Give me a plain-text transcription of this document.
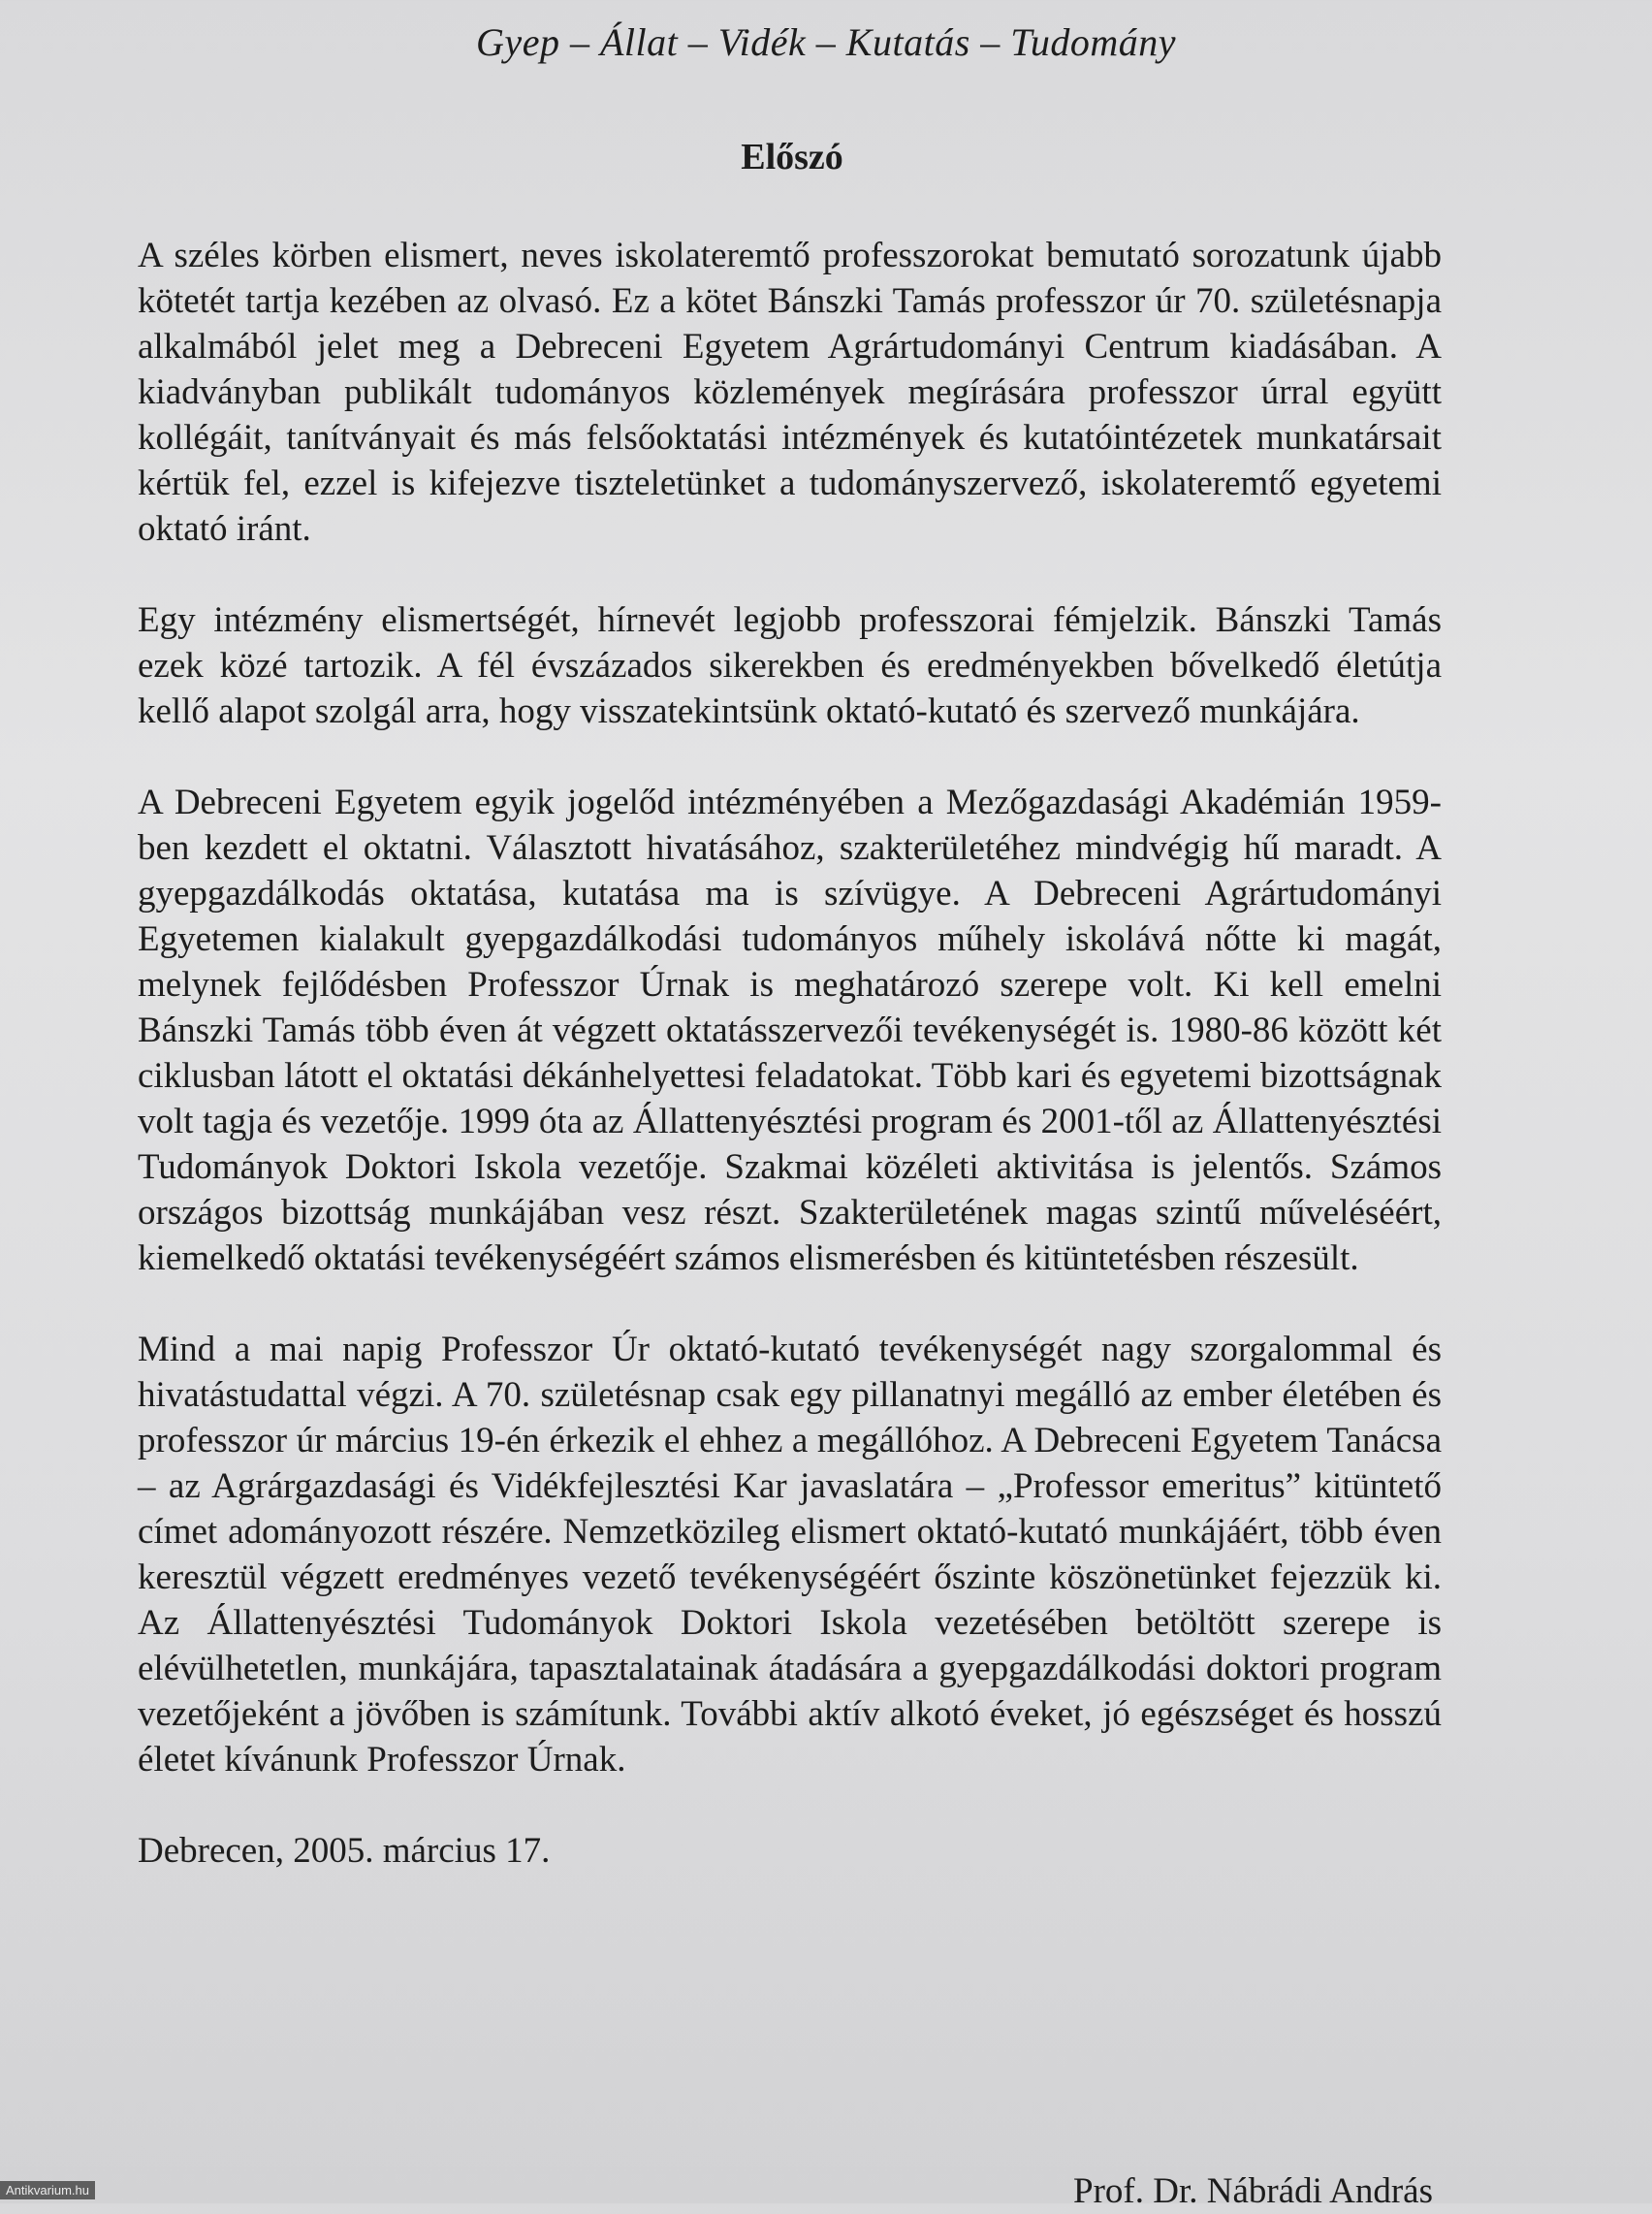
Gyep – Állat – Vidék – Kutatás – Tudomány
Előszó

A széles körben elismert, neves iskolateremtő professzorokat bemutató sorozatunk újabb kötetét tartja kezében az olvasó. Ez a kötet Bánszki Tamás professzor úr 70. születésnapja alkalmából jelet meg a Debreceni Egyetem Agrártudományi Centrum kiadásában. A kiadványban publikált tudományos közlemények megírására professzor úrral együtt kollégáit, tanítványait és más felsőoktatási intézmények és kutatóintézetek munkatársait kértük fel, ezzel is kifejezve tiszteletünket a tudományszervező, iskolateremtő egyetemi oktató iránt.

Egy intézmény elismertségét, hírnevét legjobb professzorai fémjelzik. Bánszki Tamás ezek közé tartozik. A fél évszázados sikerekben és eredményekben bővelkedő életútja kellő alapot szolgál arra, hogy visszatekintsünk oktató-kutató és szervező munkájára.

A Debreceni Egyetem egyik jogelőd intézményében a Mezőgazdasági Akadémián 1959-ben kezdett el oktatni. Választott hivatásához, szakterületéhez mindvégig hű maradt. A gyepgazdálkodás oktatása, kutatása ma is szívügye. A Debreceni Agrártudományi Egyetemen kialakult gyepgazdálkodási tudományos műhely iskolává nőtte ki magát, melynek fejlődésben Professzor Úrnak is meghatározó szerepe volt. Ki kell emelni Bánszki Tamás több éven át végzett oktatásszervezői tevékenységét is. 1980-86 között két ciklusban látott el oktatási dékánhelyettesi feladatokat. Több kari és egyetemi bizottságnak volt tagja és vezetője. 1999 óta az Állattenyésztési program és 2001-től az Állattenyésztési Tudományok Doktori Iskola vezetője. Szakmai közéleti aktivitása is jelentős. Számos országos bizottság munkájában vesz részt. Szakterületének magas szintű műveléséért, kiemelkedő oktatási tevékenységéért számos elismerésben és kitüntetésben részesült.

Mind a mai napig Professzor Úr oktató-kutató tevékenységét nagy szorgalommal és hivatástudattal végzi. A 70. születésnap csak egy pillanatnyi megálló az ember életében és professzor úr március 19-én érkezik el ehhez a megállóhoz. A Debreceni Egyetem Tanácsa – az Agrárgazdasági és Vidékfejlesztési Kar javaslatára – „Professor emeritus” kitüntető címet adományozott részére. Nemzetközileg elismert oktató-kutató munkájáért, több éven keresztül végzett eredményes vezető tevékenységéért őszinte köszönetünket fejezzük ki. Az Állattenyésztési Tudományok Doktori Iskola vezetésében betöltött szerepe is elévülhetetlen, munkájára, tapasztalatainak átadására a gyepgazdálkodási doktori program vezetőjeként a jövőben is számítunk. További aktív alkotó éveket, jó egészséget és hosszú életet kívánunk Professzor Úrnak.

Debrecen, 2005. március 17.

Prof. Dr. Nábrádi András
Antikvarium.hu
